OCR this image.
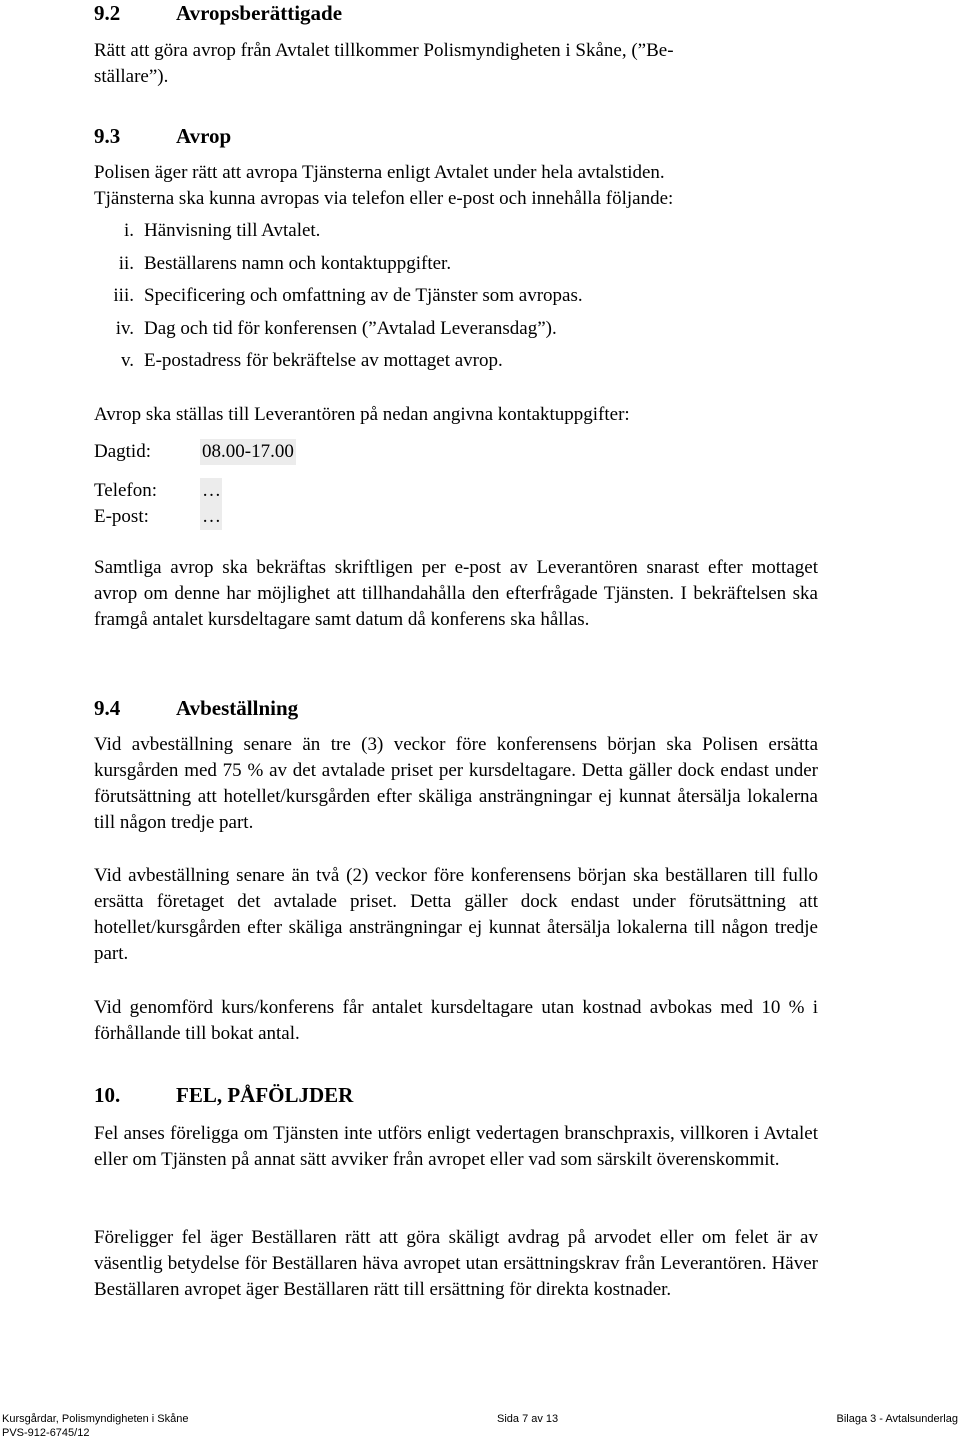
9.2	Avropsberättigade

Rätt att göra avrop från Avtalet tillkommer Polismyndigheten i Skåne, (”Be-

ställare”).

9.3	Avrop

Polisen äger rätt att avropa Tjänsterna enligt Avtalet under hela avtalstiden.

Tjänsterna ska kunna avropas via telefon eller e-post och innehålla följande:

i. Hänvisning till Avtalet.
ii. Beställarens namn och kontaktuppgifter.
iii. Specificering och omfattning av de Tjänster som avropas.
iv. Dag och tid för konferensen (”Avtalad Leveransdag”).
v. E-postadress för bekräftelse av mottaget avrop.

Avrop ska ställas till Leverantören på nedan angivna kontaktuppgifter:

Dagtid:	08.00-17.00
Telefon: …
E-post:	…

Samtliga avrop ska bekräftas skriftligen per e-post av Leverantören snarast efter mottaget avrop om denne har möjlighet att tillhandahålla den efterfrågade Tjänsten. I bekräftelsen ska framgå antalet kursdeltagare samt datum då konferens ska hållas.

9.4	Avbeställning

Vid avbeställning senare än tre (3) veckor före konferensens början ska Polisen ersätta kursgården med 75 % av det avtalade priset per kursdeltagare. Detta gäller dock endast under förutsättning att hotellet/kursgården efter skäliga ansträngningar ej kunnat återsälja lokalerna till någon tredje part.

Vid avbeställning senare än två (2) veckor före konferensens början ska beställaren till fullo ersätta företaget det avtalade priset. Detta gäller dock endast under förutsättning att hotellet/kursgården efter skäliga ansträngningar ej kunnat återsälja lokalerna till någon tredje part.

Vid genomförd kurs/konferens får antalet kursdeltagare utan kostnad avbokas med 10 % i förhållande till bokat antal.

10.	FEL, PÅFÖLJDER

Fel anses föreligga om Tjänsten inte utförs enligt vedertagen branschpraxis, villkoren i Avtalet eller om Tjänsten på annat sätt avviker från avropet eller vad som särskilt överenskommit.

Föreligger fel äger Beställaren rätt att göra skäligt avdrag på arvodet eller om felet är av väsentlig betydelse för Beställaren häva avropet utan ersättningskrav från Leverantören. Häver Beställaren avropet äger Beställaren rätt till ersättning för direkta kostnader.

Kursgårdar, Polismyndigheten i Skåne
PVS-912-6745/12
Sida 7 av 13	Bilaga 3 - Avtalsunderlag
